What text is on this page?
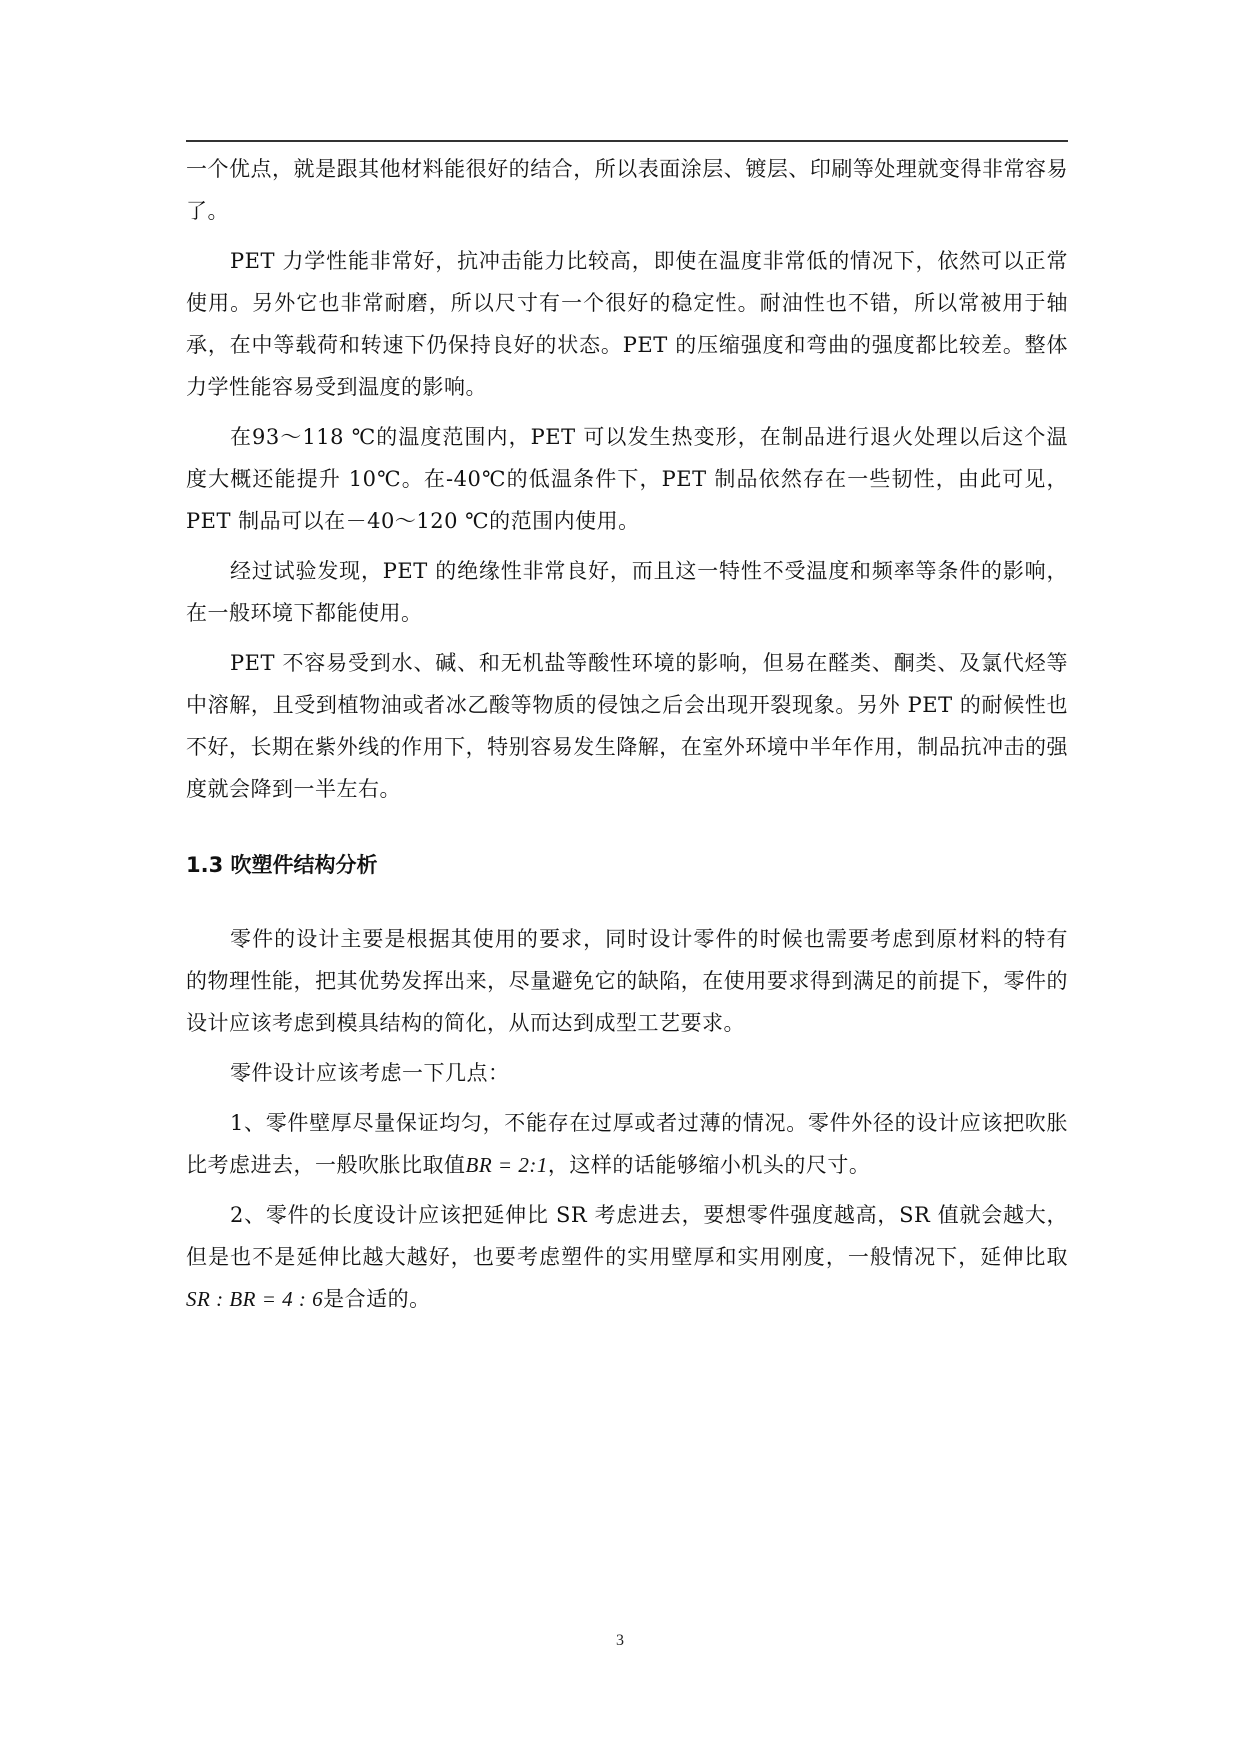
一个优点，就是跟其他材料能很好的结合，所以表面涂层、镀层、印刷等处理就变得非常容易了。

PET 力学性能非常好，抗冲击能力比较高，即使在温度非常低的情况下，依然可以正常使用。另外它也非常耐磨，所以尺寸有一个很好的稳定性。耐油性也不错，所以常被用于轴承，在中等载荷和转速下仍保持良好的状态。PET 的压缩强度和弯曲的强度都比较差。整体力学性能容易受到温度的影响。

在93～118 ℃的温度范围内，PET 可以发生热变形，在制品进行退火处理以后这个温度大概还能提升 10℃。在-40℃的低温条件下，PET 制品依然存在一些韧性，由此可见，PET 制品可以在－40～120 ℃的范围内使用。

经过试验发现，PET 的绝缘性非常良好，而且这一特性不受温度和频率等条件的影响，在一般环境下都能使用。

PET 不容易受到水、碱、和无机盐等酸性环境的影响，但易在醛类、酮类、及氯代烃等中溶解，且受到植物油或者冰乙酸等物质的侵蚀之后会出现开裂现象。另外 PET 的耐候性也不好，长期在紫外线的作用下，特别容易发生降解，在室外环境中半年作用，制品抗冲击的强度就会降到一半左右。

1.3 吹塑件结构分析

零件的设计主要是根据其使用的要求，同时设计零件的时候也需要考虑到原材料的特有的物理性能，把其优势发挥出来，尽量避免它的缺陷，在使用要求得到满足的前提下，零件的设计应该考虑到模具结构的简化，从而达到成型工艺要求。

零件设计应该考虑一下几点：

1、零件壁厚尽量保证均匀，不能存在过厚或者过薄的情况。零件外径的设计应该把吹胀比考虑进去，一般吹胀比取值BR = 2:1，这样的话能够缩小机头的尺寸。

2、零件的长度设计应该把延伸比 SR 考虑进去，要想零件强度越高，SR 值就会越大，但是也不是延伸比越大越好，也要考虑塑件的实用壁厚和实用刚度，一般情况下，延伸比取SR : BR = 4 : 6是合适的。

3
